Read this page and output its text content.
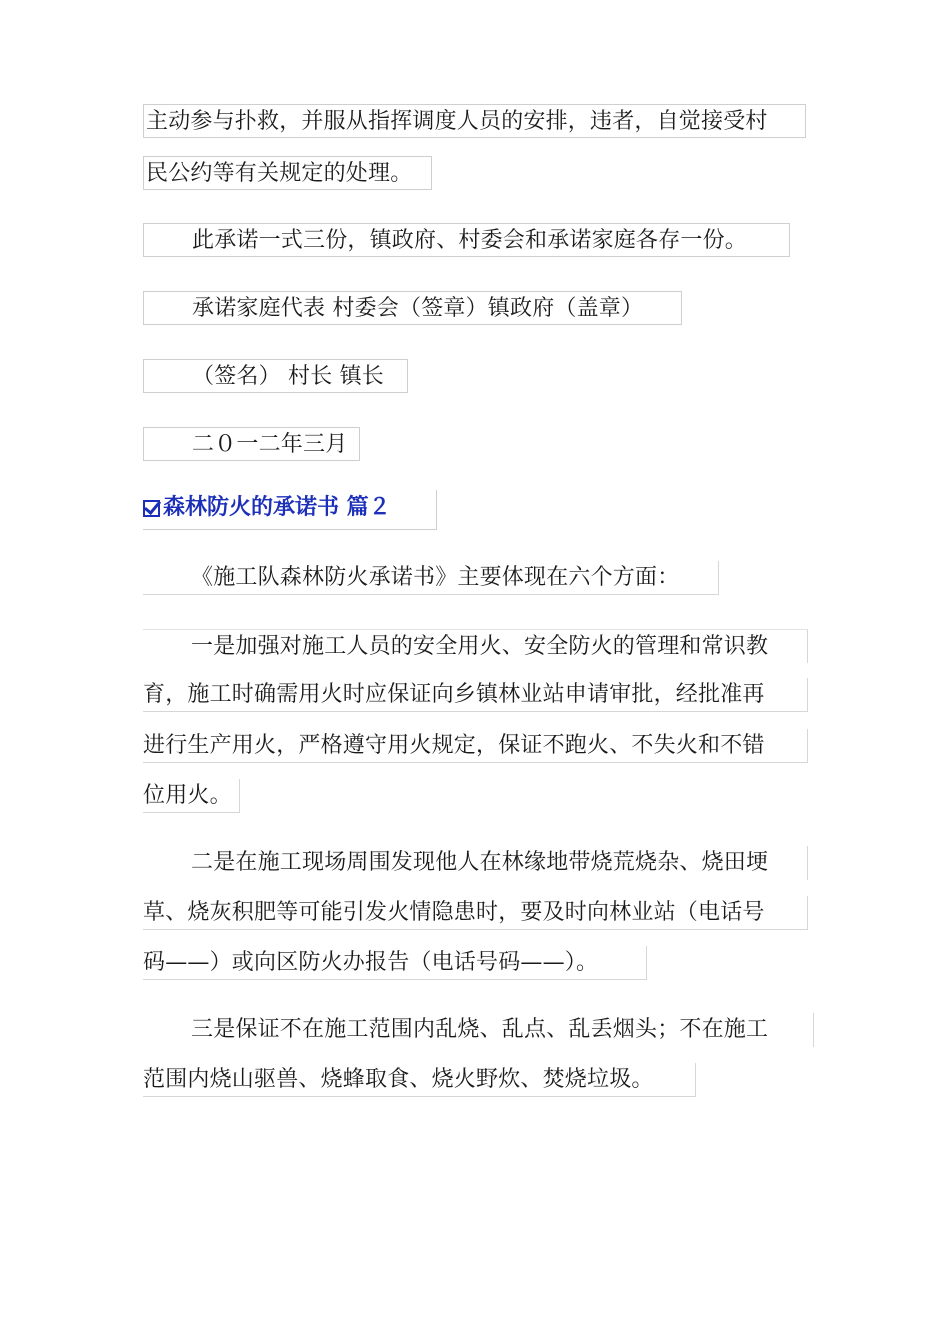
主动参与扑救，并服从指挥调度人员的安排，违者，自觉接受村
民公约等有关规定的处理。
此承诺一式三份，镇政府、村委会和承诺家庭各存一份。
承诺家庭代表 村委会（签章）镇政府（盖章）
（签名） 村长 镇长
二０一二年三月
森林防火的承诺书 篇２
《施工队森林防火承诺书》主要体现在六个方面：
一是加强对施工人员的安全用火、安全防火的管理和常识教
育，施工时确需用火时应保证向乡镇林业站申请审批，经批准再
进行生产用火，严格遵守用火规定，保证不跑火、不失火和不错
位用火。
二是在施工现场周围发现他人在林缘地带烧荒烧杂、烧田埂
草、烧灰积肥等可能引发火情隐患时，要及时向林业站（电话号
码——）或向区防火办报告（电话号码——）。
三是保证不在施工范围内乱烧、乱点、乱丢烟头；不在施工
范围内烧山驱兽、烧蜂取食、烧火野炊、焚烧垃圾。
